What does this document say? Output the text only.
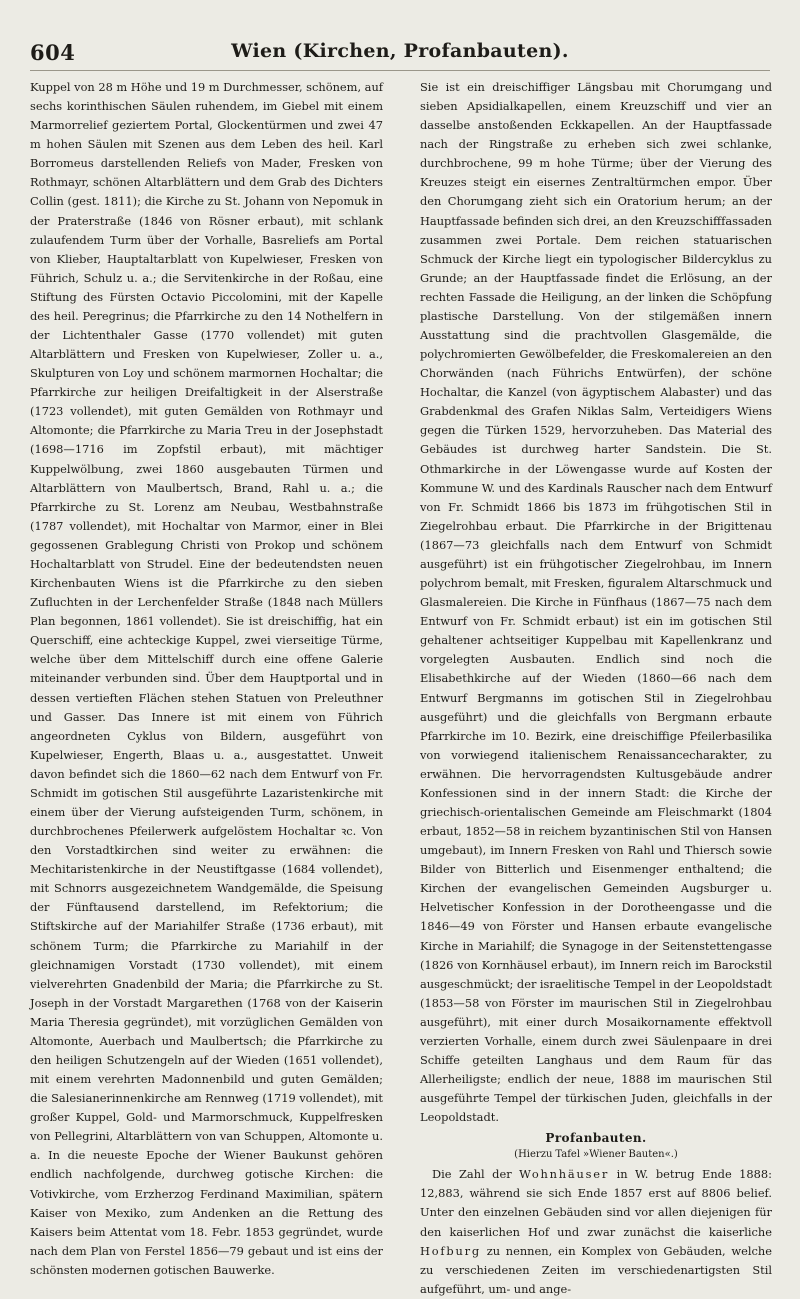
604	Wien (Kirchen, Profanbauten).

Kuppel von 28 m Höhe und 19 m Durchmesser, schönem, auf sechs korinthischen Säulen ruhendem, im Giebel mit einem Marmorrelief geziertem Portal, Glockentürmen und zwei 47 m hohen Säulen mit Szenen aus dem Leben des heil. Karl Borromeus darstellenden Reliefs von Mader, Fresken von Rothmayr, schönen Altarblättern und dem Grab des Dichters Collin (gest. 1811); die Kirche zu St. Johann von Nepomuk in der Praterstraße (1846 von Rösner erbaut), mit schlank zulaufendem Turm über der Vorhalle, Basreliefs am Portal von Klieber, Hauptaltarblatt von Kupelwieser, Fresken von Führich, Schulz u. a.; die Servitenkirche in der Roßau, eine Stiftung des Fürsten Octavio Piccolomini, mit der Kapelle des heil. Peregrinus; die Pfarrkirche zu den 14 Nothelfern in der Lichtenthaler Gasse (1770 vollendet) mit guten Altarblättern und Fresken von Kupelwieser, Zoller u. a., Skulpturen von Loy und schönem marmornen Hochaltar; die Pfarrkirche zur heiligen Dreifaltigkeit in der Alserstraße (1723 vollendet), mit guten Gemälden von Rothmayr und Altomonte; die Pfarrkirche zu Maria Treu in der Josephstadt (1698—1716 im Zopfstil erbaut), mit mächtiger Kuppelwölbung, zwei 1860 ausgebauten Türmen und Altarblättern von Maulbertsch, Brand, Rahl u. a.; die Pfarrkirche zu St. Lorenz am Neubau, Westbahnstraße (1787 vollendet), mit Hochaltar von Marmor, einer in Blei gegossenen Grablegung Christi von Prokop und schönem Hochaltarblatt von Strudel. Eine der bedeutendsten neuen Kirchenbauten Wiens ist die Pfarrkirche zu den sieben Zufluchten in der Lerchenfelder Straße (1848 nach Müllers Plan begonnen, 1861 vollendet). Sie ist dreischiffig, hat ein Querschiff, eine achteckige Kuppel, zwei vierseitige Türme, welche über dem Mittelschiff durch eine offene Galerie miteinander verbunden sind. Über dem Hauptportal und in dessen vertieften Flächen stehen Statuen von Preleuthner und Gasser. Das Innere ist mit einem von Führich angeordneten Cyklus von Bildern, ausgeführt von Kupelwieser, Engerth, Blaas u. a., ausgestattet. Unweit davon befindet sich die 1860—62 nach dem Entwurf von Fr. Schmidt im gotischen Stil ausgeführte Lazaristenkirche mit einem über der Vierung aufsteigenden Turm, schönem, in durchbrochenes Pfeilerwerk aufgelöstem Hochaltar ꝛc. Von den Vorstadtkirchen sind weiter zu erwähnen: die Mechitaristenkirche in der Neustiftgasse (1684 vollendet), mit Schnorrs ausgezeichnetem Wandgemälde, die Speisung der Fünftausend darstellend, im Refektorium; die Stiftskirche auf der Mariahilfer Straße (1736 erbaut), mit schönem Turm; die Pfarrkirche zu Mariahilf in der gleichnamigen Vorstadt (1730 vollendet), mit einem vielverehrten Gnadenbild der Maria; die Pfarrkirche zu St. Joseph in der Vorstadt Margarethen (1768 von der Kaiserin Maria Theresia gegründet), mit vorzüglichen Gemälden von Altomonte, Auerbach und Maulbertsch; die Pfarrkirche zu den heiligen Schutzengeln auf der Wieden (1651 vollendet), mit einem verehrten Madonnenbild und guten Gemälden; die Salesianerinnenkirche am Rennweg (1719 vollendet), mit großer Kuppel, Gold- und Marmorschmuck, Kuppelfresken von Pellegrini, Altarblättern von van Schuppen, Altomonte u. a. In die neueste Epoche der Wiener Baukunst gehören endlich nachfolgende, durchweg gotische Kirchen: die Votivkirche, vom Erzherzog Ferdinand Maximilian, spätern Kaiser von Mexiko, zum Andenken an die Rettung des Kaisers beim Attentat vom 18. Febr. 1853 gegründet, wurde nach dem Plan von Ferstel 1856—79 gebaut und ist eins der schönsten modernen gotischen Bauwerke.

Sie ist ein dreischiffiger Längsbau mit Chorumgang und sieben Apsidialkapellen, einem Kreuzschiff und vier an dasselbe anstoßenden Eckkapellen. An der Hauptfassade nach der Ringstraße zu erheben sich zwei schlanke, durchbrochene, 99 m hohe Türme; über der Vierung des Kreuzes steigt ein eisernes Zentraltürmchen empor. Über den Chorumgang zieht sich ein Oratorium herum; an der Hauptfassade befinden sich drei, an den Kreuzschifffassaden zusammen zwei Portale. Dem reichen statuarischen Schmuck der Kirche liegt ein typologischer Bildercyklus zu Grunde; an der Hauptfassade findet die Erlösung, an der rechten Fassade die Heiligung, an der linken die Schöpfung plastische Darstellung. Von der stilgemäßen innern Ausstattung sind die prachtvollen Glasgemälde, die polychromierten Gewölbefelder, die Freskomalereien an den Chorwänden (nach Führichs Entwürfen), der schöne Hochaltar, die Kanzel (von ägyptischem Alabaster) und das Grabdenkmal des Grafen Niklas Salm, Verteidigers Wiens gegen die Türken 1529, hervorzuheben. Das Material des Gebäudes ist durchweg harter Sandstein. Die St. Othmarkirche in der Löwengasse wurde auf Kosten der Kommune W. und des Kardinals Rauscher nach dem Entwurf von Fr. Schmidt 1866 bis 1873 im frühgotischen Stil in Ziegelrohbau erbaut. Die Pfarrkirche in der Brigittenau (1867—73 gleichfalls nach dem Entwurf von Schmidt ausgeführt) ist ein frühgotischer Ziegelrohbau, im Innern polychrom bemalt, mit Fresken, figuralem Altarschmuck und Glasmalereien. Die Kirche in Fünfhaus (1867—75 nach dem Entwurf von Fr. Schmidt erbaut) ist ein im gotischen Stil gehaltener achtseitiger Kuppelbau mit Kapellenkranz und vorgelegten Ausbauten. Endlich sind noch die Elisabethkirche auf der Wieden (1860—66 nach dem Entwurf Bergmanns im gotischen Stil in Ziegelrohbau ausgeführt) und die gleichfalls von Bergmann erbaute Pfarrkirche im 10. Bezirk, eine dreischiffige Pfeilerbasilika von vorwiegend italienischem Renaissancecharakter, zu erwähnen. Die hervorragendsten Kultusgebäude andrer Konfessionen sind in der innern Stadt: die Kirche der griechisch-orientalischen Gemeinde am Fleischmarkt (1804 erbaut, 1852—58 in reichem byzantinischen Stil von Hansen umgebaut), im Innern Fresken von Rahl und Thiersch sowie Bilder von Bitterlich und Eisenmenger enthaltend; die Kirchen der evangelischen Gemeinden Augsburger u. Helvetischer Konfession in der Dorotheengasse und die 1846—49 von Förster und Hansen erbaute evangelische Kirche in Mariahilf; die Synagoge in der Seitenstettengasse (1826 von Kornhäusel erbaut), im Innern reich im Barockstil ausgeschmückt; der israelitische Tempel in der Leopoldstadt (1853—58 von Förster im maurischen Stil in Ziegelrohbau ausgeführt), mit einer durch Mosaikornamente effektvoll verzierten Vorhalle, einem durch zwei Säulenpaare in drei Schiffe geteilten Langhaus und dem Raum für das Allerheiligste; endlich der neue, 1888 im maurischen Stil ausgeführte Tempel der türkischen Juden, gleichfalls in der Leopoldstadt.

Profanbauten.
(Hierzu Tafel »Wiener Bauten«.)

Die Zahl der Wohnhäuser in W. betrug Ende 1888: 12,883, während sie sich Ende 1857 erst auf 8806 belief. Unter den einzelnen Gebäuden sind vor allen diejenigen für den kaiserlichen Hof und zwar zunächst die kaiserliche Hofburg zu nennen, ein Komplex von Gebäuden, welche zu verschiedenen Zeiten im verschiedenartigsten Stil aufgeführt, um- und ange-
